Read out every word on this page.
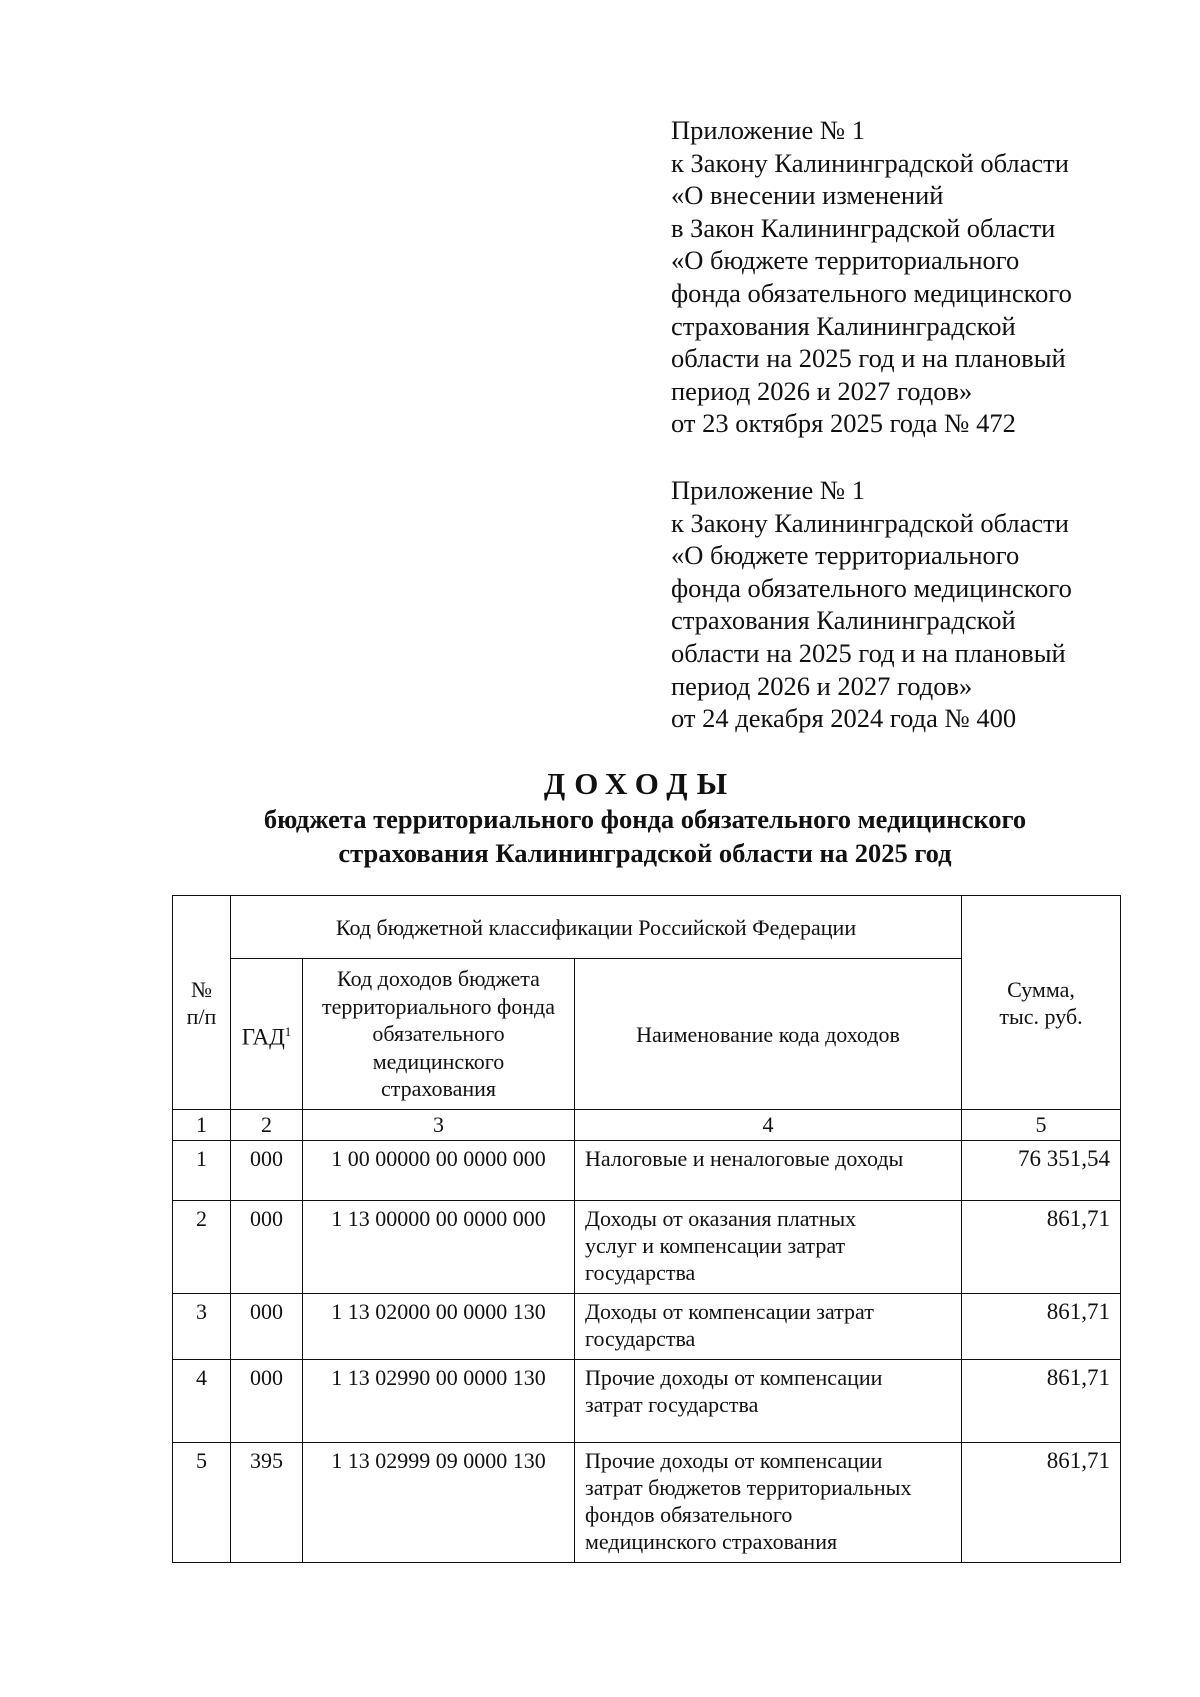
Приложение № 1
к Закону Калининградской области
«О внесении изменений
в Закон Калининградской области
«О бюджете территориального
фонда обязательного медицинского
страхования Калининградской
области на 2025 год и на плановый
период 2026 и 2027 годов»
от 23 октября 2025 года № 472
Приложение № 1
к Закону Калининградской области
«О бюджете территориального
фонда обязательного медицинского
страхования Калининградской
области на 2025 год и на плановый
период 2026 и 2027 годов»
от 24 декабря 2024 года № 400
ДОХОДЫ
бюджета территориального фонда обязательного медицинского
страхования Калининградской области на 2025 год
№
п/п	Код бюджетной классификации Российской Федерации			Сумма,
тыс. руб.

	ГАД$^1$	Код доходов бюджета
территориального фонда
обязательного
медицинского
страхования	Наименование кода доходов	
1	2	3	4	5
1	000	1 00 00000 00 0000 000	Налоговые и неналоговые доходы	76 351,54
2	000	1 13 00000 00 0000 000	Доходы от оказания платных
услуг и компенсации затрат
государства	861,71
3	000	1 13 02000 00 0000 130	Доходы от компенсации затрат
государства	861,71
4	000	1 13 02990 00 0000 130	Прочие доходы от компенсации
затрат государства	861,71
5	395	1 13 02999 09 0000 130	Прочие доходы от компенсации
затрат бюджетов территориальных
фондов обязательного
медицинского страхования	861,71
